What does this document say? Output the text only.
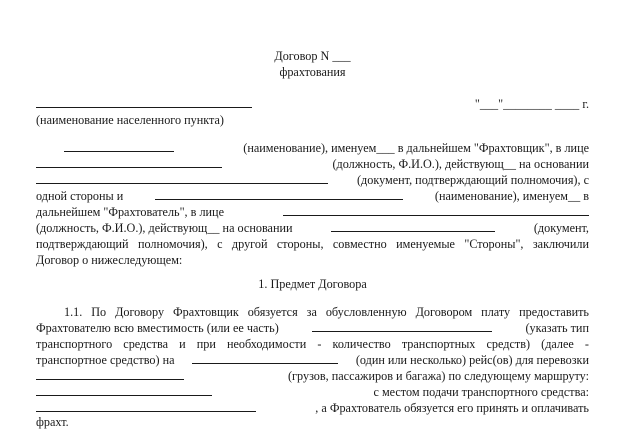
Договор N ___
фрахтования
"___"________ ____ г.
(наименование населенного пункта)
(наименование), именуем___ в дальнейшем "Фрахтовщик", в лице
(должность, Ф.И.О.), действующ__ на основании
(документ, подтверждающий полномочия), с
одной стороны и	(наименование), именуем__ в
дальнейшем "Фрахтователь", в лице
(должность, Ф.И.О.), действующ__ на основании	(документ,
подтверждающий полномочия), с другой стороны, совместно именуемые "Стороны", заключили
Договор о нижеследующем:
1. Предмет Договора
1.1. По Договору Фрахтовщик обязуется за обусловленную Договором плату предоставить
Фрахтователю всю вместимость (или ее часть)	(указать тип
транспортного средства и при необходимости - количество транспортных средств) (далее -
транспортное средство) на	(один или несколько) рейс(ов) для перевозки
(грузов, пассажиров и багажа) по следующему маршруту:
с местом подачи транспортного средства:
, а Фрахтователь обязуется его принять и оплачивать
фрахт.
